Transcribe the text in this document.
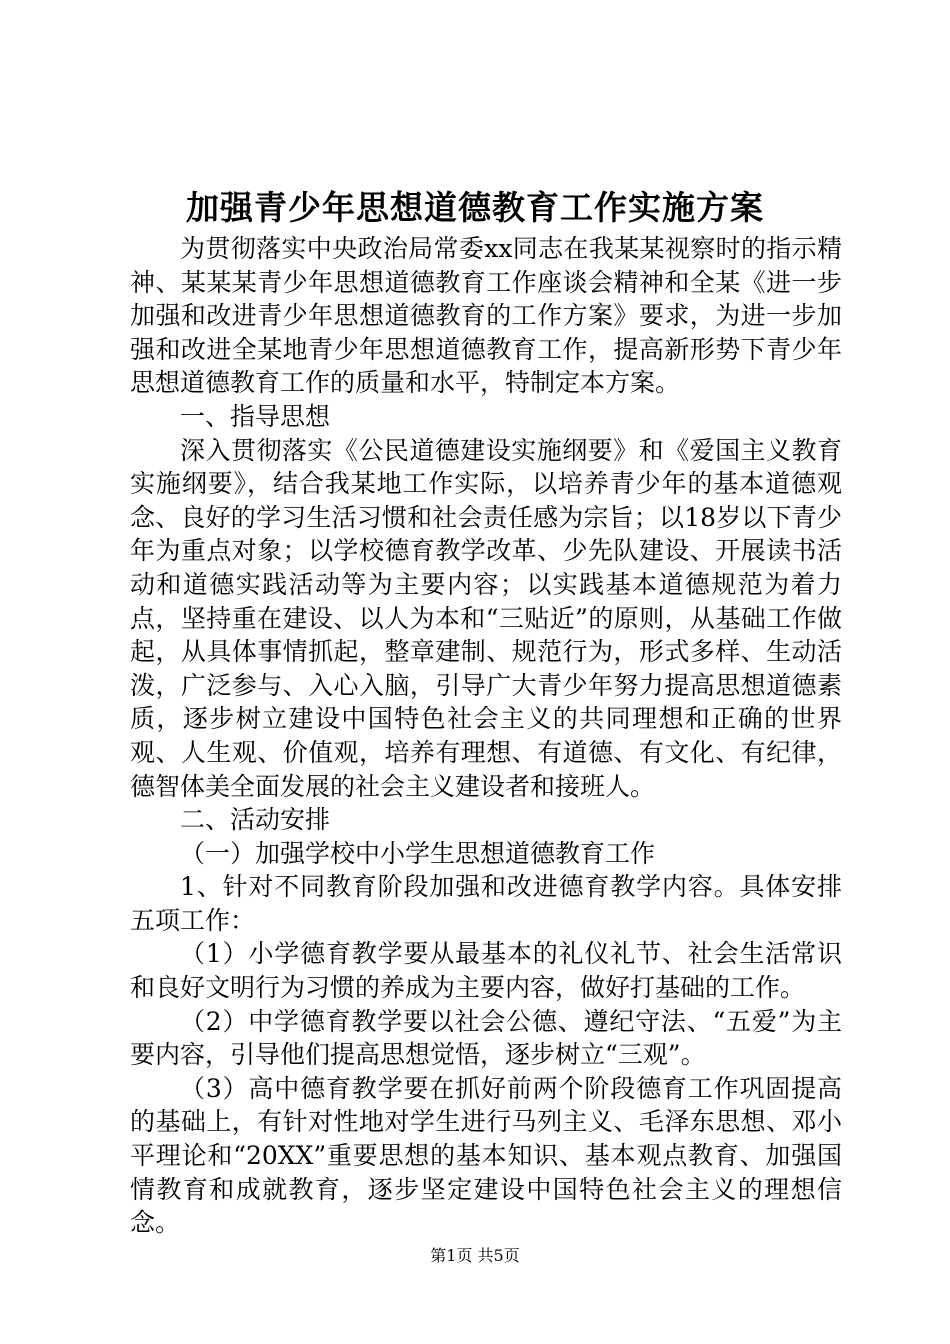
加强青少年思想道德教育工作实施方案

为贯彻落实中央政治局常委xx同志在我某某视察时的指示精神、某某某青少年思想道德教育工作座谈会精神和全某《进一步加强和改进青少年思想道德教育的工作方案》要求，为进一步加强和改进全某地青少年思想道德教育工作，提高新形势下青少年思想道德教育工作的质量和水平，特制定本方案。

一、指导思想

深入贯彻落实《公民道德建设实施纲要》和《爱国主义教育实施纲要》，结合我某地工作实际，以培养青少年的基本道德观念、良好的学习生活习惯和社会责任感为宗旨；以18岁以下青少年为重点对象；以学校德育教学改革、少先队建设、开展读书活动和道德实践活动等为主要内容；以实践基本道德规范为着力点，坚持重在建设、以人为本和“三贴近”的原则，从基础工作做起，从具体事情抓起，整章建制、规范行为，形式多样、生动活泼，广泛参与、入心入脑，引导广大青少年努力提高思想道德素质，逐步树立建设中国特色社会主义的共同理想和正确的世界观、人生观、价值观，培养有理想、有道德、有文化、有纪律，德智体美全面发展的社会主义建设者和接班人。

二、活动安排

（一）加强学校中小学生思想道德教育工作

1、针对不同教育阶段加强和改进德育教学内容。具体安排五项工作：

（1）小学德育教学要从最基本的礼仪礼节、社会生活常识和良好文明行为习惯的养成为主要内容，做好打基础的工作。

（2）中学德育教学要以社会公德、遵纪守法、“五爱”为主要内容，引导他们提高思想觉悟，逐步树立“三观”。

（3）高中德育教学要在抓好前两个阶段德育工作巩固提高的基础上，有针对性地对学生进行马列主义、毛泽东思想、邓小平理论和“20XX”重要思想的基本知识、基本观点教育、加强国情教育和成就教育，逐步坚定建设中国特色社会主义的理想信念。

第1页 共5页
